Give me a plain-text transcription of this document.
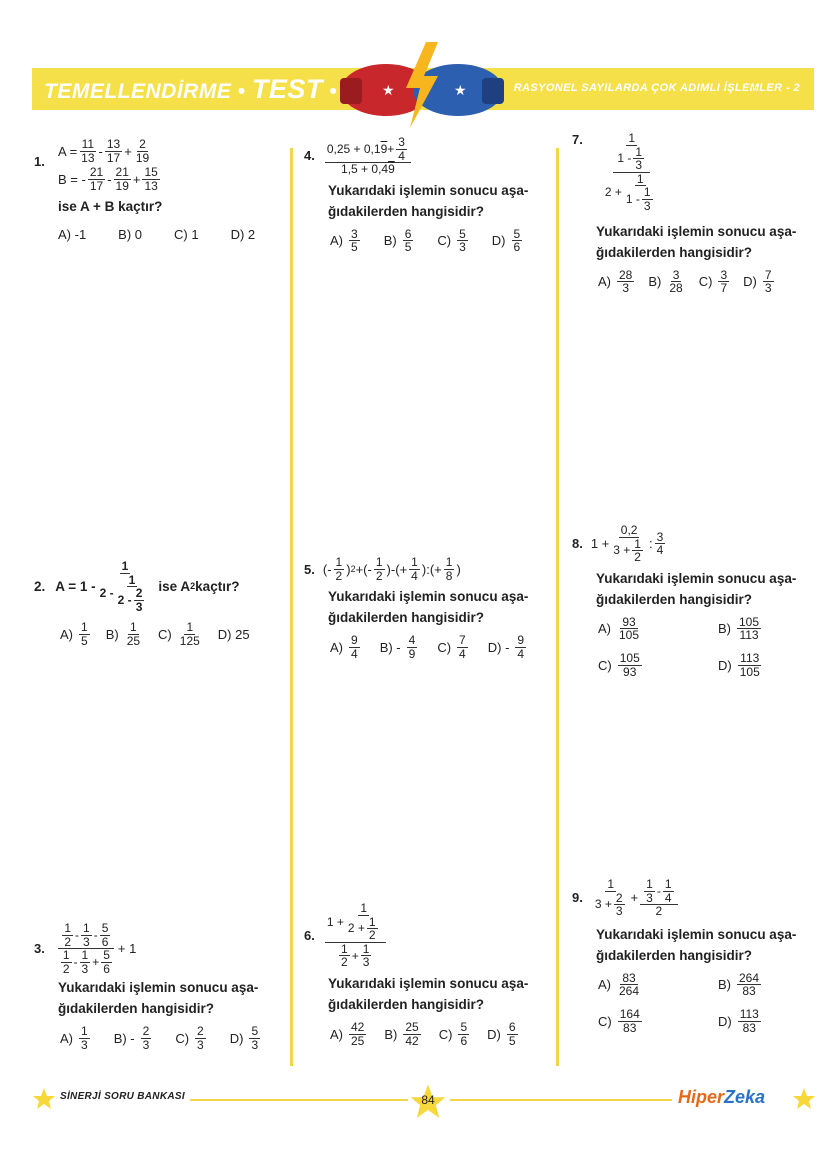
TEMELLENDİRME • TEST •	RASYONEL SAYILARDA ÇOK ADIMLI İŞLEMLER - 2
★	★
1.
$A = \frac{11}{13} - \frac{13}{17} + \frac{2}{19}$
B = - $\frac{21}{17} - \frac{21}{19} + \frac{15}{13}$
ise A + B kaçtır?
A) -1 B) 0 C) 1 D) 2
2. $A = 1 - \frac{1}{2 - \frac{1}{2 - \frac{2}{3}}}$ ise A 2 kaçtır?
$A) \frac{1}{5} B) \frac{1}{25} C) \frac{1}{125} D$) 25
3. $\frac{\frac{1}{2} - \frac{1}{3} - \frac{5}{6}}{\frac{1}{2} - \frac{1}{3} + \frac{5}{6}} + 1$
Yukarıdaki işlemin sonucu aşa-
ğıdakilerden hangisidir?
$A) \frac{1}{3} B) - \frac{2}{3} C) \frac{2}{3} D) \frac{5}{3}$
4. $\frac{0,25 + 0,1 9 + \frac{3}{4}}{1,5 + 0,4 9}$
Yukarıdaki işlemin sonucu aşa-
ğıdakilerden hangisidir?
$A) \frac{3}{5} B) \frac{6}{5} C) \frac{5}{3} D) \frac{5}{6}$
5. ( - $\frac{1}{2}$ ) 2 + ( - $\frac{1}{2}$ ) - ( + $\frac{1}{4}$ ) : ( + $\frac{1}{8}$ )
Yukarıdaki işlemin sonucu aşa-
ğıdakilerden hangisidir?
$A) \frac{9}{4} B) - \frac{4}{9} C) \frac{7}{4} D) - \frac{9}{4}$
6. $\frac{1 + \frac{1}{2 + \frac{1}{2}}}{\frac{1}{2} + \frac{1}{3}}$
Yukarıdaki işlemin sonucu aşa-
ğıdakilerden hangisidir?
$A) \frac{42}{25} B) \frac{25}{42} C) \frac{5}{6} D) \frac{6}{5}$
7. $\frac{\frac{1}{1 - \frac{1}{3}}}{2 + \frac{1}{1 - \frac{1}{3}}}$
Yukarıdaki işlemin sonucu aşa-
ğıdakilerden hangisidir?
$A) \frac{28}{3} B) \frac{3}{28} C) \frac{3}{7} D) \frac{7}{3}$
8. $1 + \frac{0,2}{3 + \frac{1}{2}}$ : $\frac{3}{4}$
Yukarıdaki işlemin sonucu aşa-
ğıdakilerden hangisidir?
$A) \frac{93}{105}$	$B) \frac{105}{113}$
$C) \frac{105}{93}$	$D) \frac{113}{105}$
9. $\frac{1}{3 + \frac{2}{3}} + \frac{\frac{1}{3} - \frac{1}{4}}{2}$
Yukarıdaki işlemin sonucu aşa-
ğıdakilerden hangisidir?
$A) \frac{83}{264}$	$B) \frac{264}{83}$
$C) \frac{164}{83}$	$D) \frac{113}{83}$
SİNERJİ SORU BANKASI	84	HiperZeka
